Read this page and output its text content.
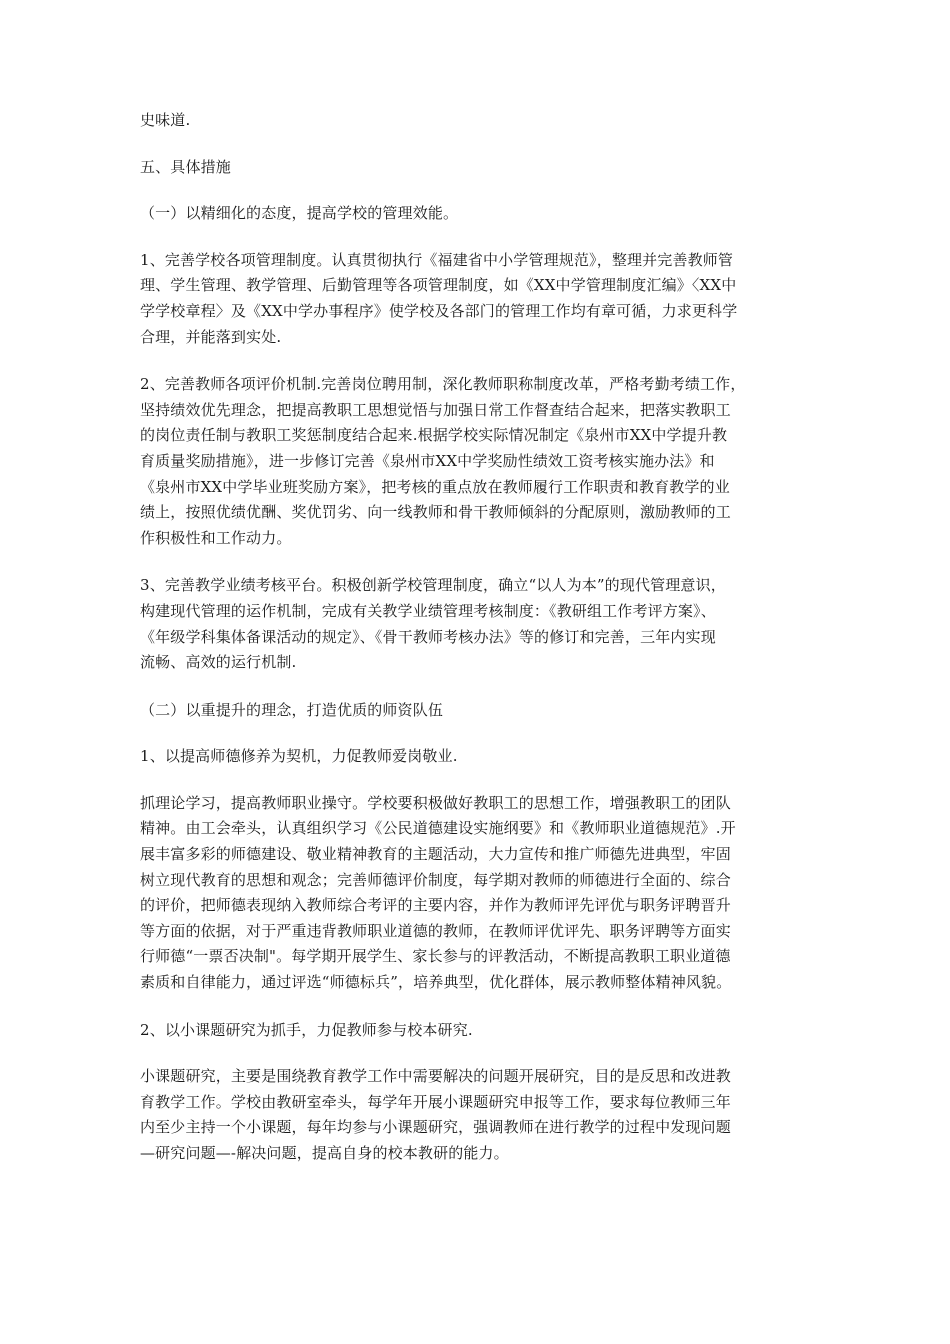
史味道.

五、具体措施

（一）以精细化的态度，提高学校的管理效能。

1、完善学校各项管理制度。认真贯彻执行《福建省中小学管理规范》，整理并完善教师管
理、学生管理、教学管理、后勤管理等各项管理制度，如《XX中学管理制度汇编》〈XX中
学学校章程〉及《XX中学办事程序》使学校及各部门的管理工作均有章可循，力求更科学
合理，并能落到实处.

2、完善教师各项评价机制.完善岗位聘用制，深化教师职称制度改革，严格考勤考绩工作，
坚持绩效优先理念，把提高教职工思想觉悟与加强日常工作督查结合起来，把落实教职工
的岗位责任制与教职工奖惩制度结合起来.根据学校实际情况制定《泉州市XX中学提升教
育质量奖励措施》，进一步修订完善《泉州市XX中学奖励性绩效工资考核实施办法》和
《泉州市XX中学毕业班奖励方案》，把考核的重点放在教师履行工作职责和教育教学的业
绩上，按照优绩优酬、奖优罚劣、向一线教师和骨干教师倾斜的分配原则，激励教师的工
作积极性和工作动力。

3、完善教学业绩考核平台。积极创新学校管理制度，确立“以人为本”的现代管理意识，
构建现代管理的运作机制，完成有关教学业绩管理考核制度：《教研组工作考评方案》、
《年级学科集体备课活动的规定》、《骨干教师考核办法》等的修订和完善，三年内实现
流畅、高效的运行机制.

（二）以重提升的理念，打造优质的师资队伍

1、以提高师德修养为契机，力促教师爱岗敬业.

抓理论学习，提高教师职业操守。学校要积极做好教职工的思想工作，增强教职工的团队
精神。由工会牵头，认真组织学习《公民道德建设实施纲要》和《教师职业道德规范》.开
展丰富多彩的师德建设、敬业精神教育的主题活动，大力宣传和推广师德先进典型，牢固
树立现代教育的思想和观念；完善师德评价制度，每学期对教师的师德进行全面的、综合
的评价，把师德表现纳入教师综合考评的主要内容，并作为教师评先评优与职务评聘晋升
等方面的依据，对于严重违背教师职业道德的教师，在教师评优评先、职务评聘等方面实
行师德“一票否决制"。每学期开展学生、家长参与的评教活动，不断提高教职工职业道德
素质和自律能力，通过评选“师德标兵”，培养典型，优化群体，展示教师整体精神风貌。

2、以小课题研究为抓手，力促教师参与校本研究.

小课题研究，主要是围绕教育教学工作中需要解决的问题开展研究，目的是反思和改进教
育教学工作。学校由教研室牵头，每学年开展小课题研究申报等工作，要求每位教师三年
内至少主持一个小课题，每年均参与小课题研究，强调教师在进行教学的过程中发现问题
—研究问题—-解决问题，提高自身的校本教研的能力。
